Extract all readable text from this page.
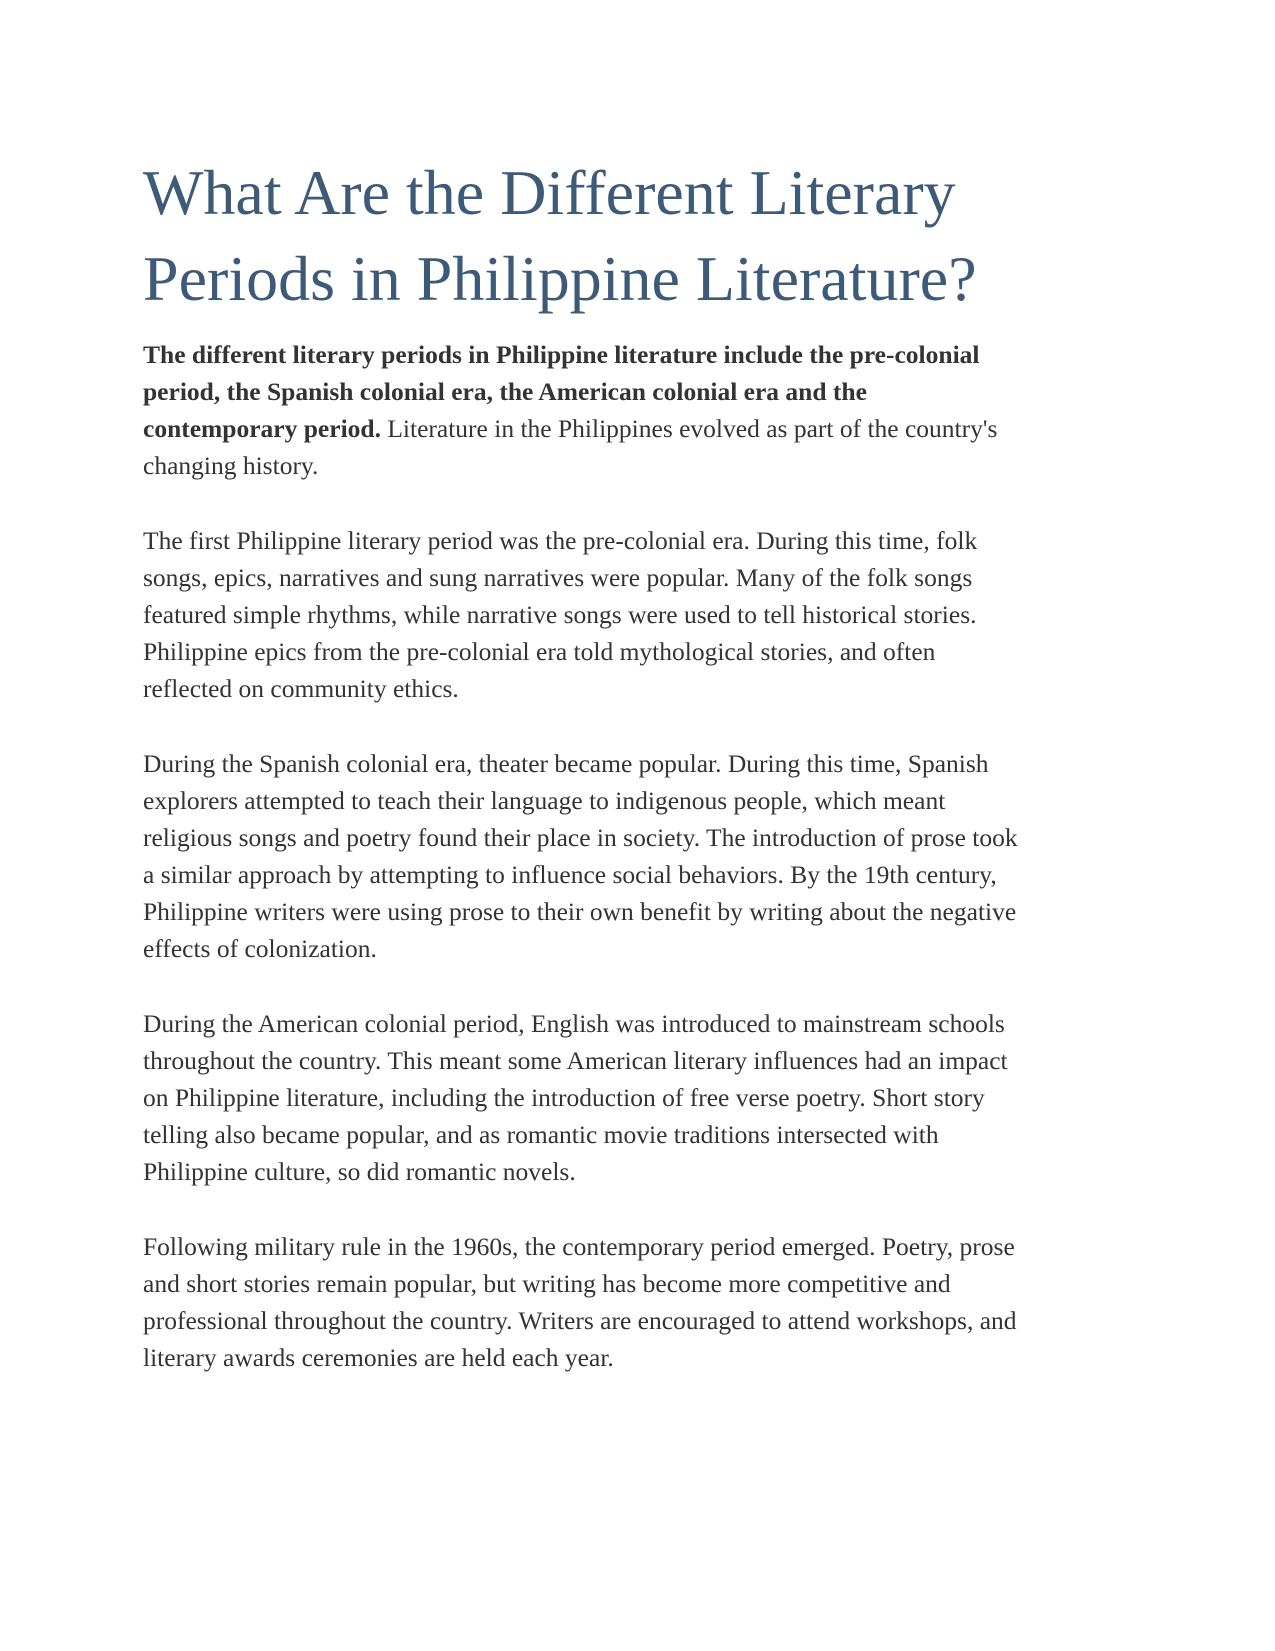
What Are the Different Literary
Periods in Philippine Literature?

The different literary periods in Philippine literature include the pre-colonial
period, the Spanish colonial era, the American colonial era and the
contemporary period. Literature in the Philippines evolved as part of the country's
changing history.

The first Philippine literary period was the pre-colonial era. During this time, folk
songs, epics, narratives and sung narratives were popular. Many of the folk songs
featured simple rhythms, while narrative songs were used to tell historical stories.
Philippine epics from the pre-colonial era told mythological stories, and often
reflected on community ethics.

During the Spanish colonial era, theater became popular. During this time, Spanish
explorers attempted to teach their language to indigenous people, which meant
religious songs and poetry found their place in society. The introduction of prose took
a similar approach by attempting to influence social behaviors. By the 19th century,
Philippine writers were using prose to their own benefit by writing about the negative
effects of colonization.

During the American colonial period, English was introduced to mainstream schools
throughout the country. This meant some American literary influences had an impact
on Philippine literature, including the introduction of free verse poetry. Short story
telling also became popular, and as romantic movie traditions intersected with
Philippine culture, so did romantic novels.

Following military rule in the 1960s, the contemporary period emerged. Poetry, prose
and short stories remain popular, but writing has become more competitive and
professional throughout the country. Writers are encouraged to attend workshops, and
literary awards ceremonies are held each year.
